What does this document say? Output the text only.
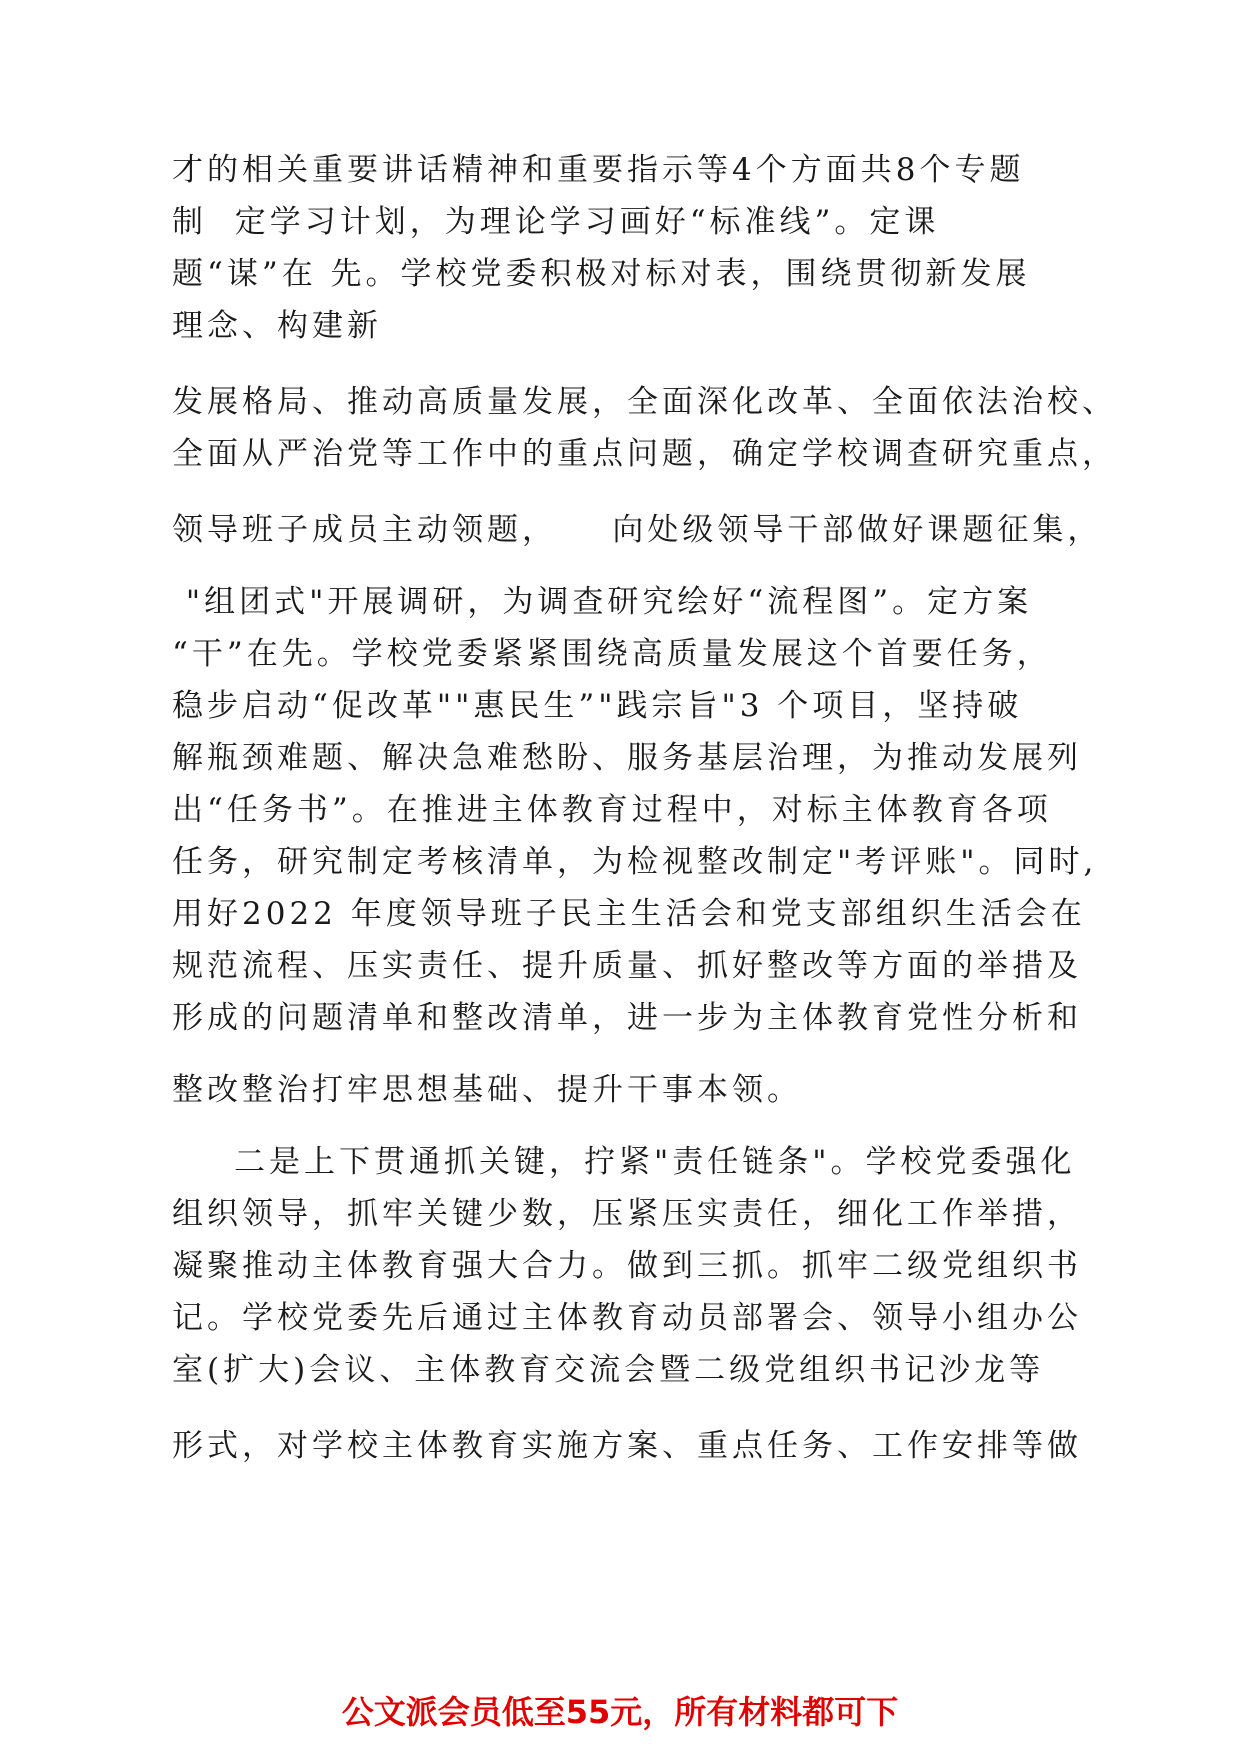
才的相关重要讲话精神和重要指示等4个方面共8个专题
制  定学习计划，为理论学习画好“标准线”。定课
题“谋”在 先。学校党委积极对标对表，围绕贯彻新发展
理念、构建新
发展格局、推动高质量发展，全面深化改革、全面依法治校、
全面从严治党等工作中的重点问题，确定学校调查研究重点，
领导班子成员主动领题，    向处级领导干部做好课题征集，
"组团式"开展调研，为调查研究绘好“流程图”。定方案
“干”在先。学校党委紧紧围绕高质量发展这个首要任务，
稳步启动“促改革""惠民生”"践宗旨"3 个项目，坚持破
解瓶颈难题、解决急难愁盼、服务基层治理，为推动发展列
出“任务书”。在推进主体教育过程中，对标主体教育各项
任务，研究制定考核清单，为检视整改制定"考评账"。同时,
用好2022 年度领导班子民主生活会和党支部组织生活会在
规范流程、压实责任、提升质量、抓好整改等方面的举措及
形成的问题清单和整改清单，进一步为主体教育党性分析和
整改整治打牢思想基础、提升干事本领。
二是上下贯通抓关键，拧紧"责任链条"。学校党委强化
组织领导，抓牢关键少数，压紧压实责任，细化工作举措，
凝聚推动主体教育强大合力。做到三抓。抓牢二级党组织书
记。学校党委先后通过主体教育动员部署会、领导小组办公
室(扩大)会议、主体教育交流会暨二级党组织书记沙龙等
形式，对学校主体教育实施方案、重点任务、工作安排等做
公文派会员低至55元，所有材料都可下
